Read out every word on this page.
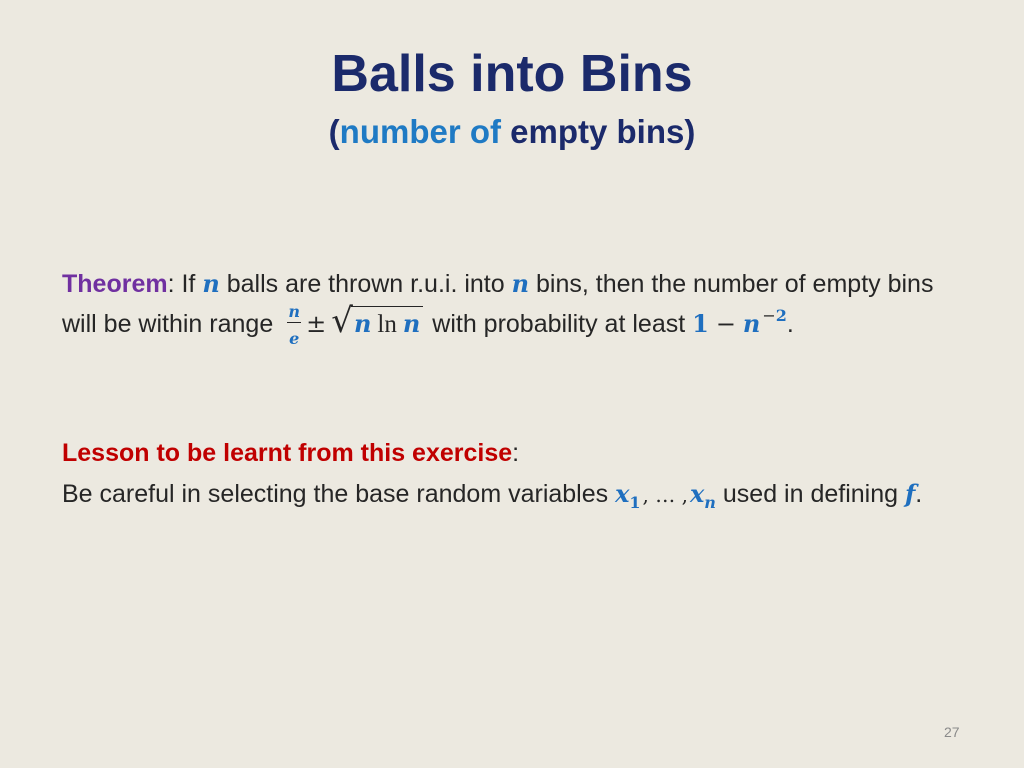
Balls into Bins
(number of empty bins)
Theorem: If n balls are thrown r.u.i. into n bins, then the number of empty bins
will be within range
$\frac{n}{e}$
± √n ln n with probability at least 1 − n −2.
Lesson to be learnt from this exercise:
Be careful in selecting the base random variables $x_1$ , … $,x_n$ used in defining f.
27
